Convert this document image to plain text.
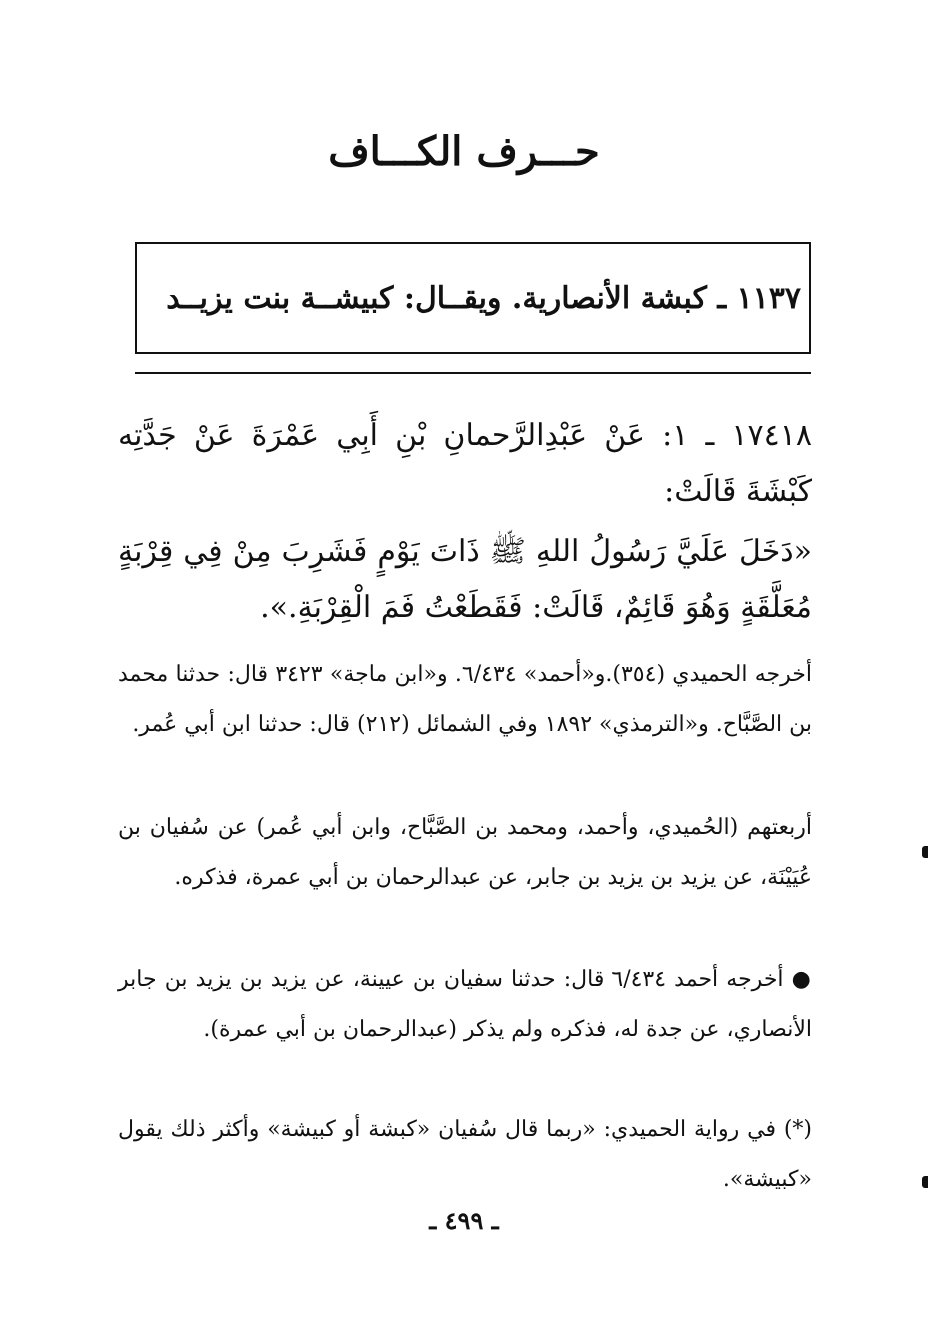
حـــرف الكـــاف
١١٣٧ ـ كبشة الأنصارية. ويقــال: كبيشــة بنت يزيــد
١٧٤١٨ ـ ١: عَنْ عَبْدِالرَّحمانِ بْنِ أَبِي عَمْرَةَ عَنْ جَدَّتِه كَبْشَةَ قَالَتْ:
«دَخَلَ عَلَيَّ رَسُولُ اللهِ ﷺ ذَاتَ يَوْمٍ فَشَرِبَ مِنْ فِي قِرْبَةٍ مُعَلَّقَةٍ وَهُوَ قَائِمٌ، قَالَتْ: فَقَطَعْتُ فَمَ الْقِرْبَةِ.».
أخرجه الحميدي (٣٥٤).و«أحمد» ٦/٤٣٤. و«ابن ماجة» ٣٤٢٣ قال: حدثنا محمد بن الصَّبَّاح. و«الترمذي» ١٨٩٢ وفي الشمائل (٢١٢) قال: حدثنا ابن أبي عُمر.
أربعتهم (الحُميدي، وأحمد، ومحمد بن الصَّبَّاح، وابن أبي عُمر) عن سُفيان بن عُيَيْنَة، عن يزيد بن يزيد بن جابر، عن عبدالرحمان بن أبي عمرة، فذكره.
● أخرجه أحمد ٦/٤٣٤ قال: حدثنا سفيان بن عيينة، عن يزيد بن يزيد بن جابر الأنصاري، عن جدة له، فذكره ولم يذكر (عبدالرحمان بن أبي عمرة).
(*) في رواية الحميدي: «ربما قال سُفيان «كبشة أو كبيشة» وأكثر ذلك يقول «كبيشة».
ـ ٤٩٩ ـ
